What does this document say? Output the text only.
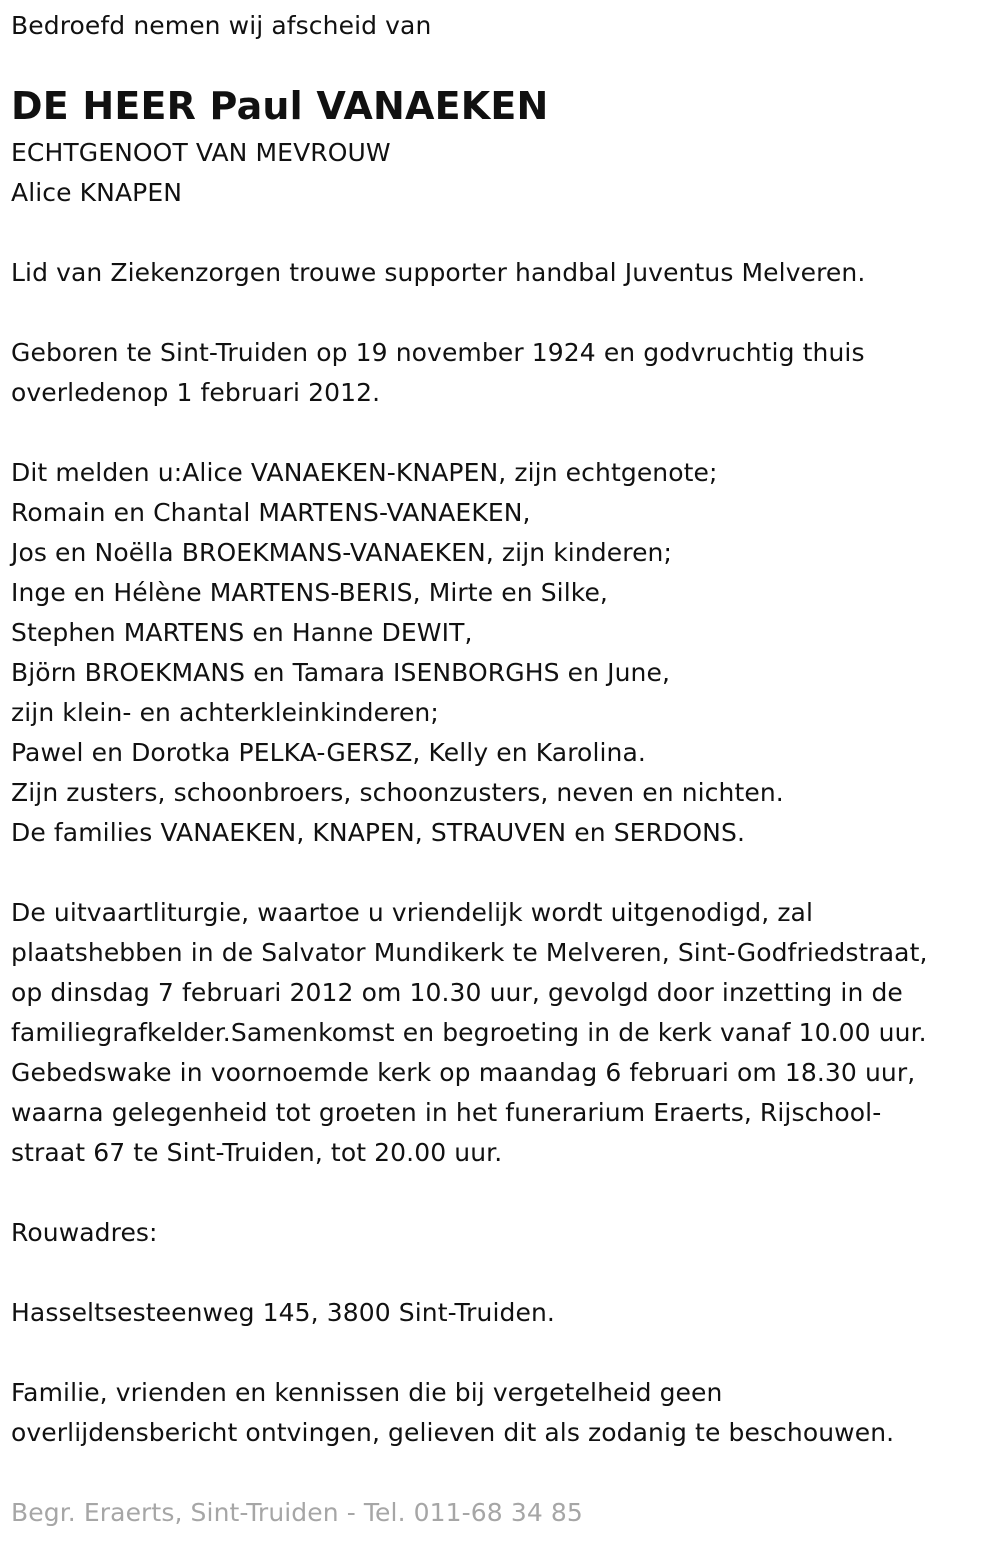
Bedroefd nemen wij afscheid van
DE HEER Paul VANAEKEN
ECHTGENOOT VAN MEVROUW
Alice KNAPEN
Lid van Ziekenzorgen trouwe supporter handbal Juventus Melveren.
Geboren te Sint-Truiden op 19 november 1924 en godvruchtig thuis
overledenop 1 februari 2012.
Dit melden u:Alice VANAEKEN-KNAPEN, zijn echtgenote;
Romain en Chantal MARTENS-VANAEKEN,
Jos en Noëlla BROEKMANS-VANAEKEN, zijn kinderen;
Inge en Hélène MARTENS-BERIS, Mirte en Silke,
Stephen MARTENS en Hanne DEWIT,
Björn BROEKMANS en Tamara ISENBORGHS en June,
zijn klein- en achterkleinkinderen;
Pawel en Dorotka PELKA-GERSZ, Kelly en Karolina.
Zijn zusters, schoonbroers, schoonzusters, neven en nichten.
De families VANAEKEN, KNAPEN, STRAUVEN en SERDONS.
De uitvaartliturgie, waartoe u vriendelijk wordt uitgenodigd, zal
plaatshebben in de Salvator Mundikerk te Melveren, Sint-Godfriedstraat,
op dinsdag 7 februari 2012 om 10.30 uur, gevolgd door inzetting in de
familiegrafkelder.Samenkomst en begroeting in de kerk vanaf 10.00 uur.
Gebedswake in voornoemde kerk op maandag 6 februari om 18.30 uur,
waarna gelegenheid tot groeten in het funerarium Eraerts, Rijschool-
straat 67 te Sint-Truiden, tot 20.00 uur.
Rouwadres:
Hasseltsesteenweg 145, 3800 Sint-Truiden.
Familie, vrienden en kennissen die bij vergetelheid geen
overlijdensbericht ontvingen, gelieven dit als zodanig te beschouwen.
Begr. Eraerts, Sint-Truiden - Tel. 011-68 34 85
